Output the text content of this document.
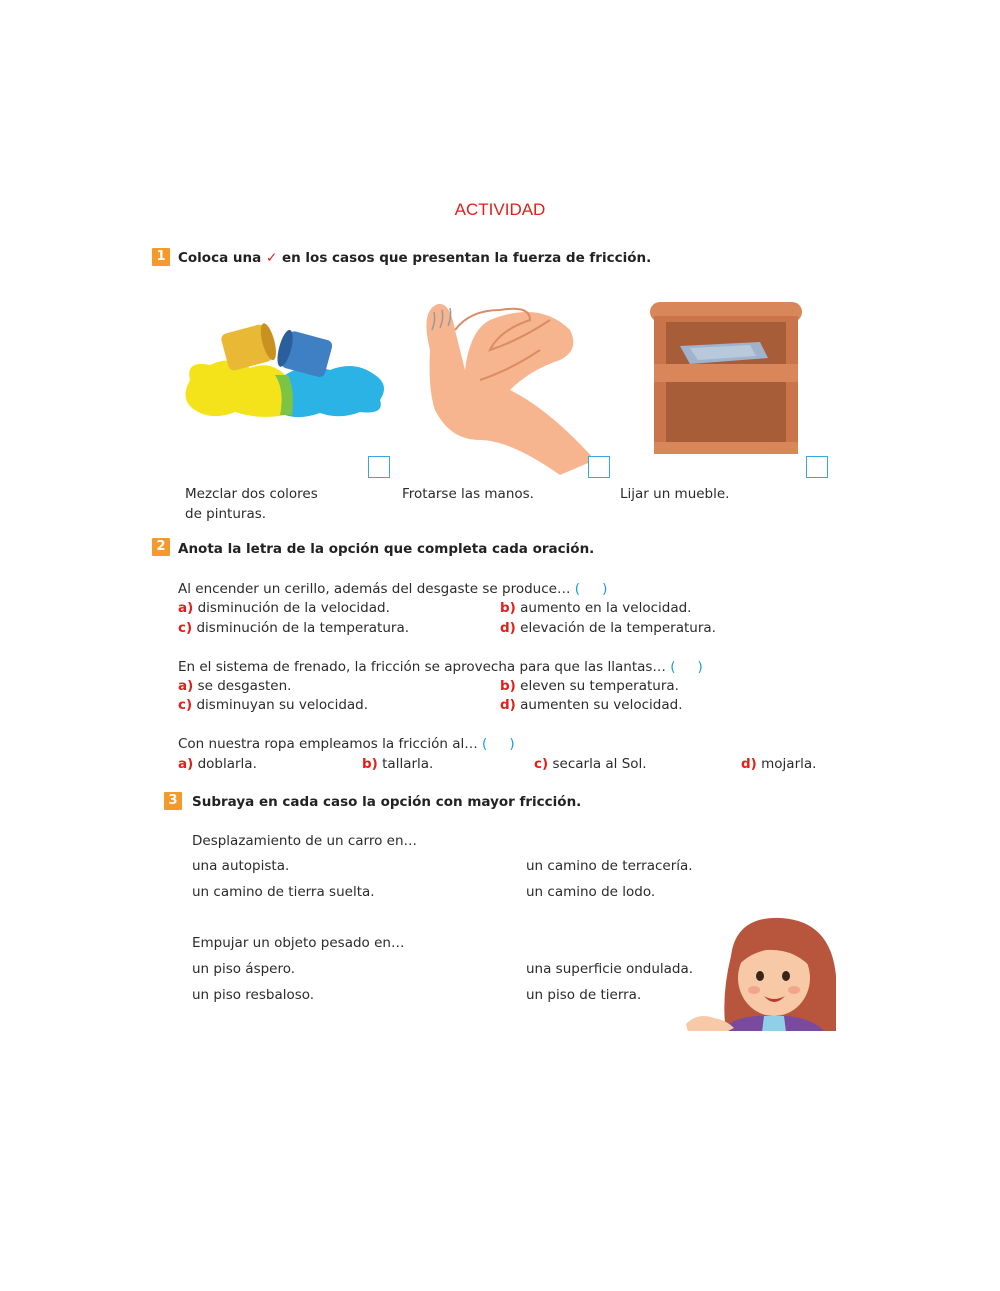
ACTIVIDAD
1 Coloca una ✓ en los casos que presentan la fuerza de fricción.
Mezclar dos colores
de pinturas.
Frotarse las manos.	Lijar un mueble.
2 Anota la letra de la opción que completa cada oración.
Al encender un cerillo, además del desgaste se produce… ( )
a) disminución de la velocidad.	b) aumento en la velocidad.
c) disminución de la temperatura.	d) elevación de la temperatura.
En el sistema de frenado, la fricción se aprovecha para que las llantas… ( )
a) se desgasten.	b) eleven su temperatura.
c) disminuyan su velocidad.	d) aumenten su velocidad.
Con nuestra ropa empleamos la fricción al… ( )
a) doblarla.	b) tallarla.	c) secarla al Sol.	d) mojarla.
3	Subraya en cada caso la opción con mayor fricción.
Desplazamiento de un carro en…
una autopista.	un camino de terracería.
un camino de tierra suelta.	un camino de lodo.
Empujar un objeto pesado en…
un piso áspero.	una superficie ondulada.
un piso resbaloso.	un piso de tierra.
